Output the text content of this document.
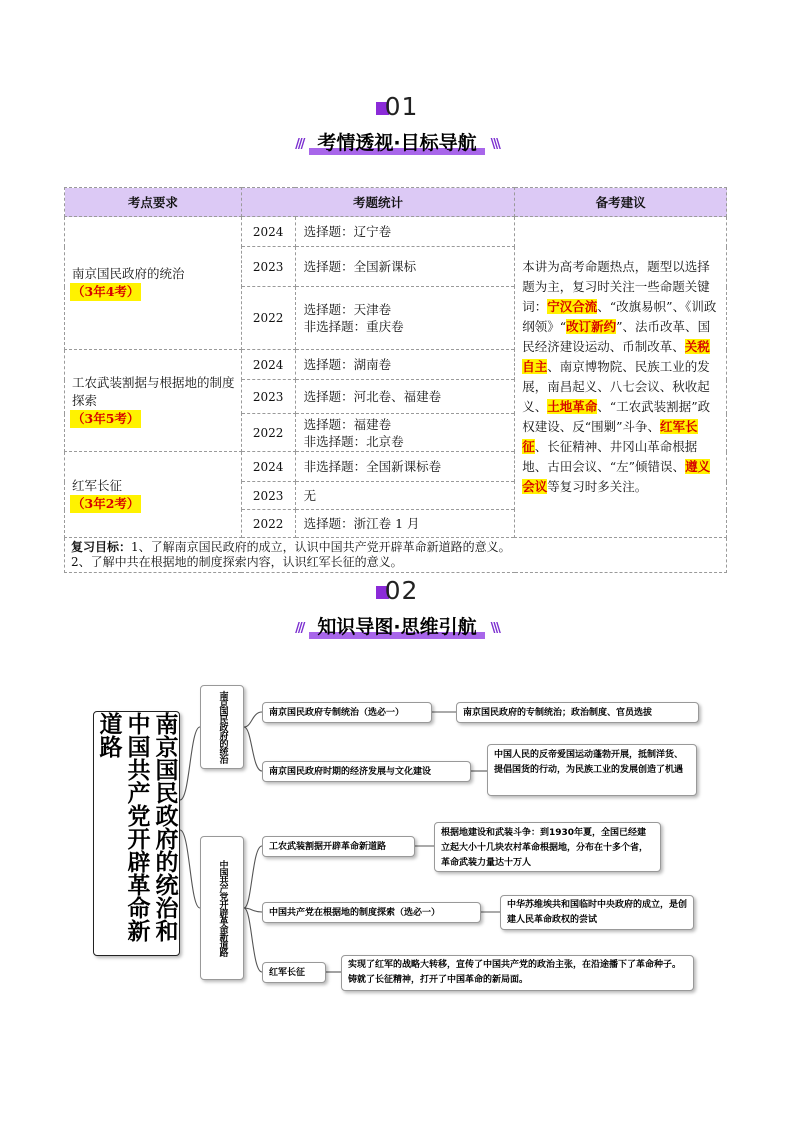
01
/// 考情透视·目标导航 \\\
考点要求	考题统计		备考建议

南京国民政府的统治
（3年4考）	2024	选择题：辽宁卷	本讲为高考命题热点，题型以选择题为主，复习时关注一些命题关键词：宁汉合流、“改旗易帜”、《训政纲领》“改订新约”、法币改革、国民经济建设运动、币制改革、关税自主、南京博物院、民族工业的发展，南昌起义、八七会议、秋收起义、土地革命、“工农武装割据”政权建设、反“围剿”斗争、红军长征、长征精神、井冈山革命根据地、古田会议、“左”倾错误、遵义会议等复习时多关注。
	2023	选择题：全国新课标	

	2022	选择题：天津卷
非选择题：重庆卷	

工农武装割据与根据地的制度探索
（3年5考）	2024	选择题：湖南卷	

	2023	选择题：河北卷、福建卷	

	2022	选择题：福建卷
非选择题：北京卷	

红军长征
（3年2考）	2024	非选择题：全国新课标卷	

	2023	无	

	2022	选择题：浙江卷 1 月	

复习目标：1、了解南京国民政府的成立，认识中国共产党开辟革命新道路的意义。
2、了解中共在根据地的制度探索内容，认识红军长征的意义。			
02
/// 知识导图·思维引航 \\\
南京国民政府的统治和中国共产党开辟革命新道路	南京国民政府的统治
中国共产党开辟革命新道路
南京国民政府专制统治（选必一）	南京国民政府的专制统治；政治制度、官员选拔
南京国民政府时期的经济发展与文化建设
中国人民的反帝爱国运动蓬勃开展，抵制洋货、提倡国货的行动，为民族工业的发展创造了机遇
工农武装割据开辟革命新道路
根据地建设和武装斗争：到1930年夏，全国已经建立起大小十几块农村革命根据地，分布在十多个省，革命武装力量达十万人
中国共产党在根据地的制度探索（选必一）
中华苏维埃共和国临时中央政府的成立，是创建人民革命政权的尝试
红军长征
实现了红军的战略大转移，宣传了中国共产党的政治主张，在沿途播下了革命种子。铸就了长征精神，打开了中国革命的新局面。
